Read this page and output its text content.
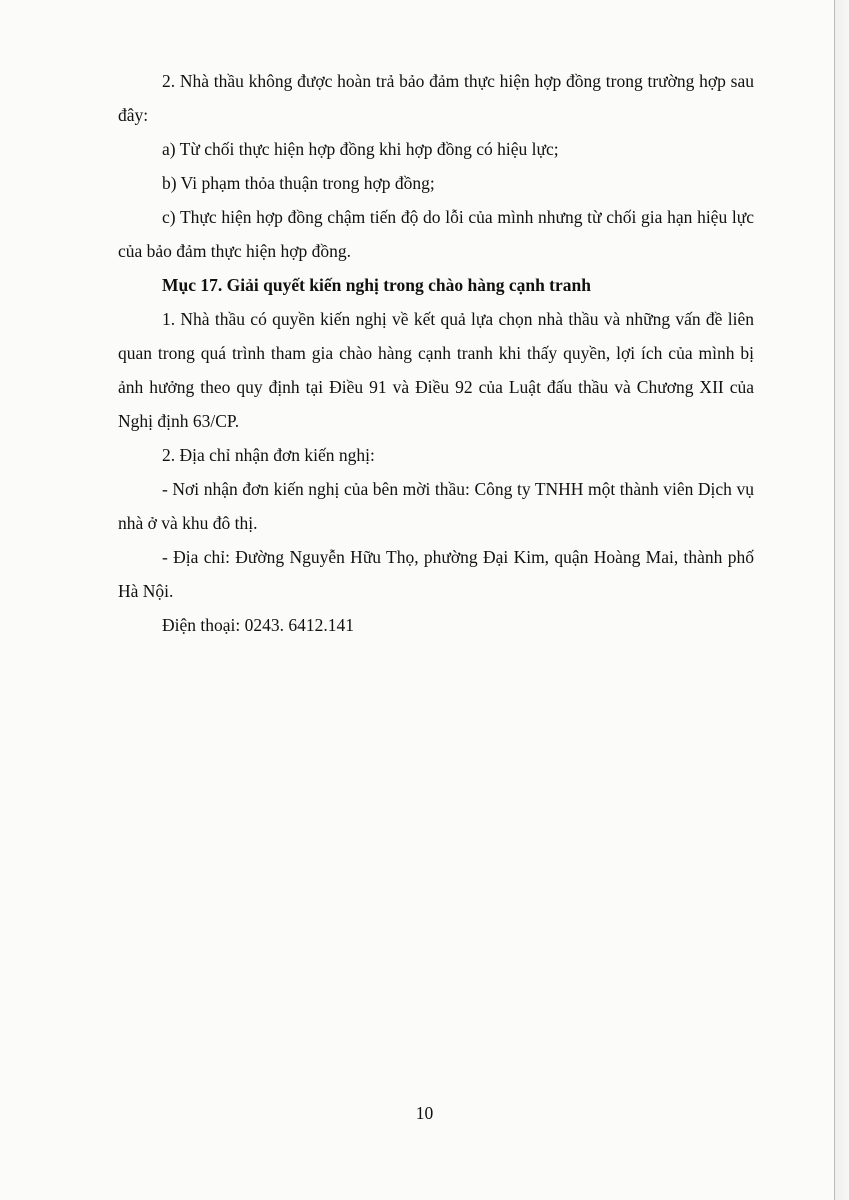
2. Nhà thầu không được hoàn trả bảo đảm thực hiện hợp đồng trong trường hợp sau đây:

a) Từ chối thực hiện hợp đồng khi hợp đồng có hiệu lực;

b) Vi phạm thỏa thuận trong hợp đồng;

c) Thực hiện hợp đồng chậm tiến độ do lỗi của mình nhưng từ chối gia hạn hiệu lực của bảo đảm thực hiện hợp đồng.

Mục 17. Giải quyết kiến nghị trong chào hàng cạnh tranh

1. Nhà thầu có quyền kiến nghị về kết quả lựa chọn nhà thầu và những vấn đề liên quan trong quá trình tham gia chào hàng cạnh tranh khi thấy quyền, lợi ích của mình bị ảnh hưởng theo quy định tại Điều 91 và Điều 92 của Luật đấu thầu và Chương XII của Nghị định 63/CP.

2. Địa chỉ nhận đơn kiến nghị:

- Nơi nhận đơn kiến nghị của bên mời thầu: Công ty TNHH một thành viên Dịch vụ nhà ở và khu đô thị.

- Địa chỉ: Đường Nguyễn Hữu Thọ, phường Đại Kim, quận Hoàng Mai, thành phố Hà Nội.

Điện thoại: 0243. 6412.141

10
